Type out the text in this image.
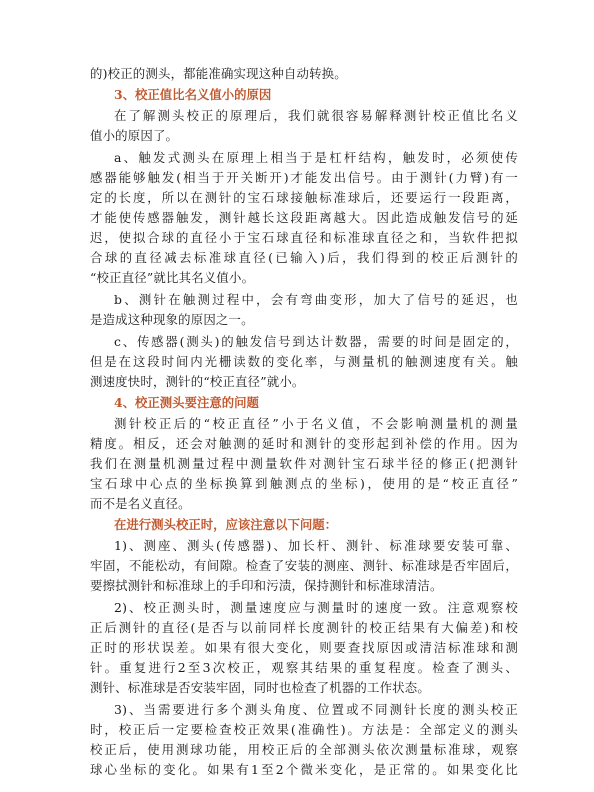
的)校正的测头，都能准确实现这种自动转换。
3、校正值比名义值小的原因
在了解测头校正的原理后，我们就很容易解释测针校正值比名义
值小的原因了。
a、触发式测头在原理上相当于是杠杆结构，触发时，必须使传
感器能够触发(相当于开关断开)才能发出信号。由于测针(力臂)有一
定的长度，所以在测针的宝石球接触标准球后，还要运行一段距离，
才能使传感器触发，测针越长这段距离越大。因此造成触发信号的延
迟，使拟合球的直径小于宝石球直径和标准球直径之和，当软件把拟
合球的直径减去标准球直径(已输入)后，我们得到的校正后测针的
“校正直径”就比其名义值小。
b、测针在触测过程中，会有弯曲变形，加大了信号的延迟，也
是造成这种现象的原因之一。
c、传感器(测头)的触发信号到达计数器，需要的时间是固定的，
但是在这段时间内光栅读数的变化率，与测量机的触测速度有关。触
测速度快时，测针的“校正直径”就小。
4、校正测头要注意的问题
测针校正后的“校正直径”小于名义值，不会影响测量机的测量
精度。相反，还会对触测的延时和测针的变形起到补偿的作用。因为
我们在测量机测量过程中测量软件对测针宝石球半径的修正(把测针
宝石球中心点的坐标换算到触测点的坐标)，使用的是“校正直径”
而不是名义直径。
在进行测头校正时，应该注意以下问题：
1)、测座、测头(传感器)、加长杆、测针、标准球要安装可靠、
牢固，不能松动，有间隙。检查了安装的测座、测针、标准球是否牢固后，
要擦拭测针和标准球上的手印和污渍，保持测针和标准球清洁。
2)、校正测头时，测量速度应与测量时的速度一致。注意观察校
正后测针的直径(是否与以前同样长度测针的校正结果有大偏差)和校
正时的形状误差。如果有很大变化，则要查找原因或清洁标准球和测
针。重复进行2至3次校正，观察其结果的重复程度。检查了测头、
测针、标准球是否安装牢固，同时也检查了机器的工作状态。
3)、当需要进行多个测头角度、位置或不同测针长度的测头校正
时，校正后一定要检查校正效果(准确性)。方法是：全部定义的测头
校正后，使用测球功能，用校正后的全部测头依次测量标准球，观察
球心坐标的变化。如果有1至2个微米变化，是正常的。如果变化比
